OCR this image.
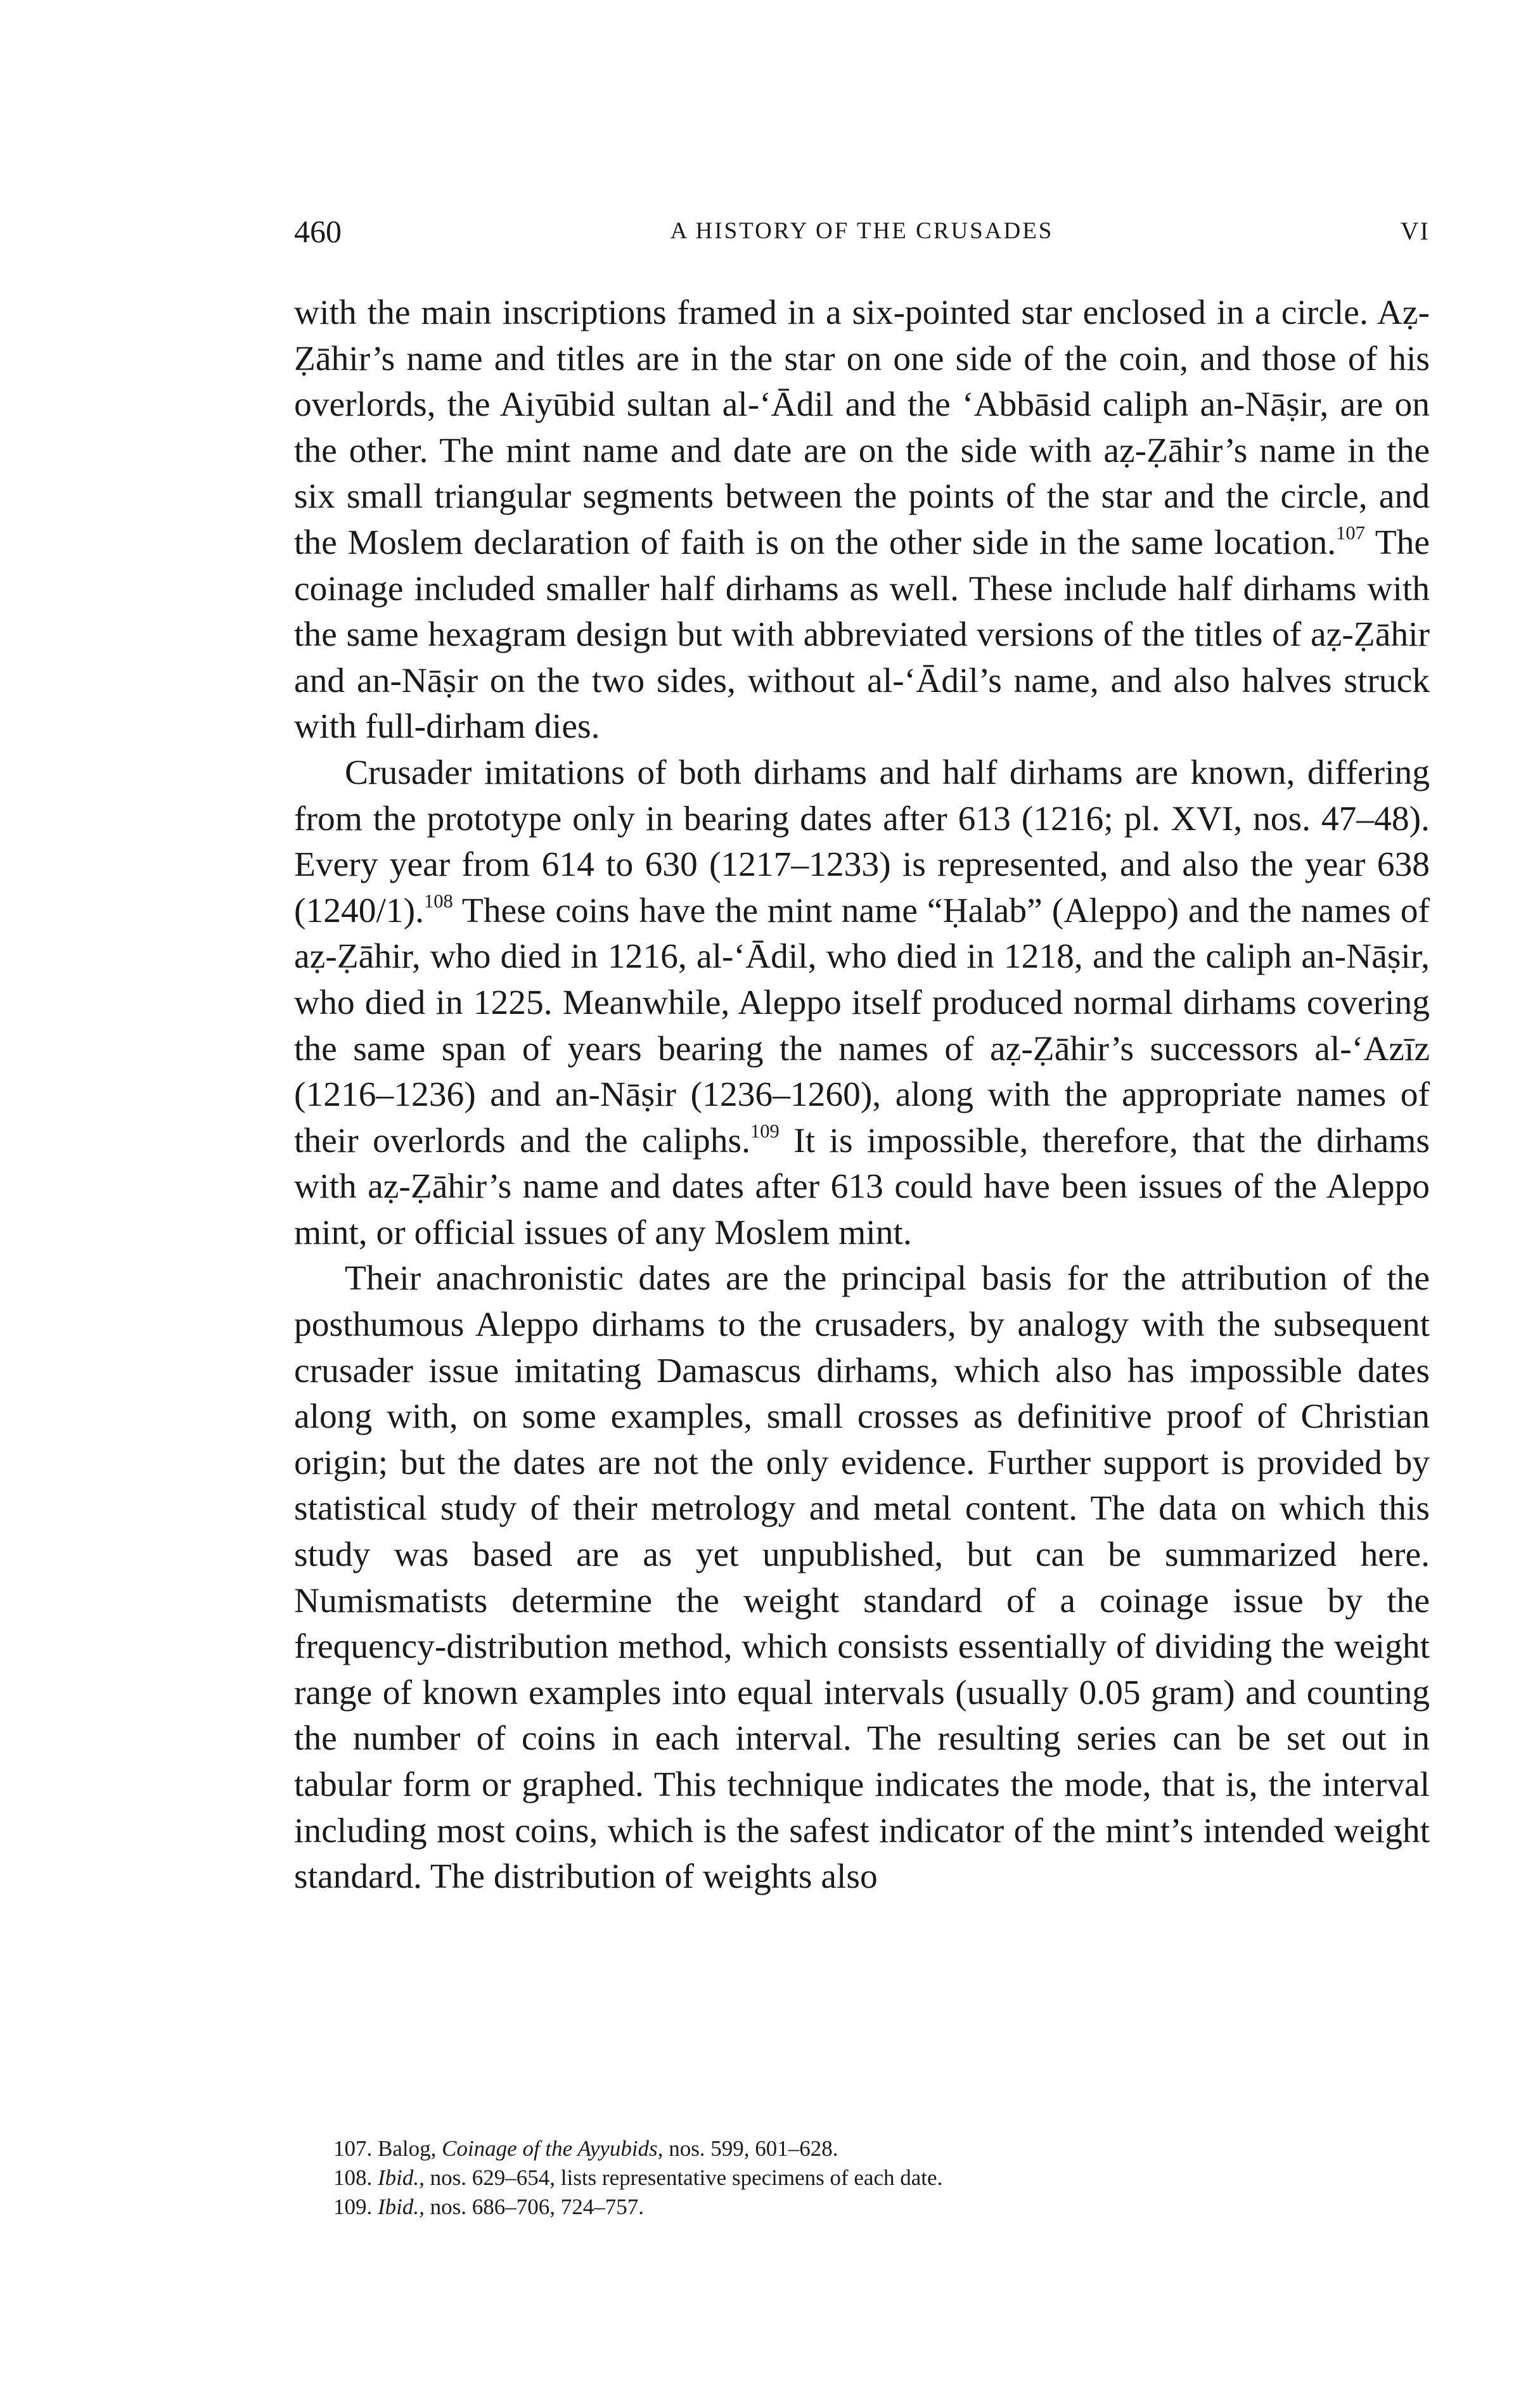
460	A HISTORY OF THE CRUSADES	VI

with the main inscriptions framed in a six-pointed star enclosed in a circle. Aẓ-Ẓāhir’s name and titles are in the star on one side of the coin, and those of his overlords, the Aiyūbid sultan al-‘Ādil and the ‘Abbāsid caliph an-Nāṣir, are on the other. The mint name and date are on the side with aẓ-Ẓāhir’s name in the six small triangular segments between the points of the star and the circle, and the Moslem declaration of faith is on the other side in the same location.$^{107}$ The coinage included smaller half dirhams as well. These include half dirhams with the same hexagram design but with abbreviated versions of the titles of aẓ-Ẓāhir and an-Nāṣir on the two sides, without al-‘Ādil’s name, and also halves struck with full-dirham dies.

Crusader imitations of both dirhams and half dirhams are known, differing from the prototype only in bearing dates after 613 (1216; pl. XVI, nos. 47–48). Every year from 614 to 630 (1217–1233) is represented, and also the year 638 (1240/1).$^{108}$ These coins have the mint name “Ḥalab” (Aleppo) and the names of aẓ-Ẓāhir, who died in 1216, al-‘Ādil, who died in 1218, and the caliph an-Nāṣir, who died in 1225. Meanwhile, Aleppo itself produced normal dirhams covering the same span of years bearing the names of aẓ-Ẓāhir’s successors al-‘Azīz (1216–1236) and an-Nāṣir (1236–1260), along with the appropriate names of their overlords and the caliphs.$^{109}$ It is impossible, therefore, that the dirhams with aẓ-Ẓāhir’s name and dates after 613 could have been issues of the Aleppo mint, or official issues of any Moslem mint.

Their anachronistic dates are the principal basis for the attribution of the posthumous Aleppo dirhams to the crusaders, by analogy with the subsequent crusader issue imitating Damascus dirhams, which also has impossible dates along with, on some examples, small crosses as definitive proof of Christian origin; but the dates are not the only evidence. Further support is provided by statistical study of their metrology and metal content. The data on which this study was based are as yet unpublished, but can be summarized here. Numismatists determine the weight standard of a coinage issue by the frequency-distribution method, which consists essentially of dividing the weight range of known examples into equal intervals (usually 0.05 gram) and counting the number of coins in each interval. The resulting series can be set out in tabular form or graphed. This technique indicates the mode, that is, the interval including most coins, which is the safest indicator of the mint’s intended weight standard. The distribution of weights also

107. Balog, Coinage of the Ayyubids, nos. 599, 601–628.
108. Ibid., nos. 629–654, lists representative specimens of each date.
109. Ibid., nos. 686–706, 724–757.
